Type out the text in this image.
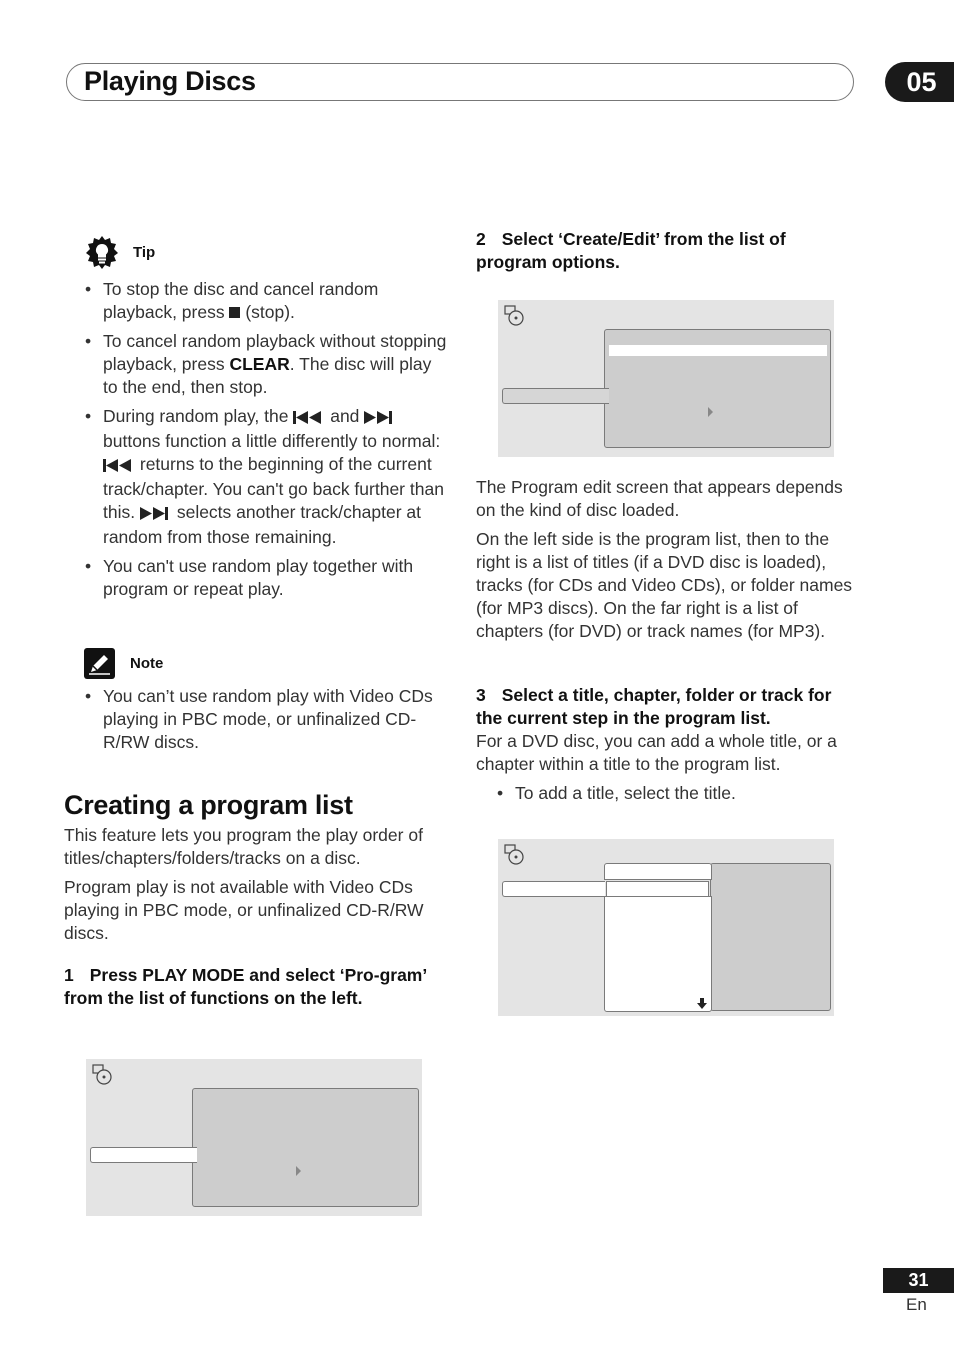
Playing Discs	05
Tip
• To stop the disc and cancel random playback, press  (stop).
• To cancel random playback without stopping playback, press CLEAR. The disc will play to the end, then stop.
• During random play, the  and  buttons function a little differently to normal:  returns to the beginning of the current track/chapter. You can't go back further than this.  selects another track/chapter at random from those remaining.
• You can't use random play together with program or repeat play.
Note
• You can’t use random play with Video CDs playing in PBC mode, or unfinalized CD-R/RW discs.
Creating a program list
This feature lets you program the play order of titles/chapters/folders/tracks on a disc.
Program play is not available with Video CDs playing in PBC mode, or unfinalized CD-R/RW discs.
1 Press PLAY MODE and select ‘Pro-gram’ from the list of functions on the left.
2 Select ‘Create/Edit’ from the list of program options.
The Program edit screen that appears depends on the kind of disc loaded.
On the left side is the program list, then to the right is a list of titles (if a DVD disc is loaded), tracks (for CDs and Video CDs), or folder names (for MP3 discs). On the far right is a list of chapters (for DVD) or track names (for MP3).
3 Select a title, chapter, folder or track for the current step in the program list.
For a DVD disc, you can add a whole title, or a chapter within a title to the program list.
• To add a title, select the title.
31
En
